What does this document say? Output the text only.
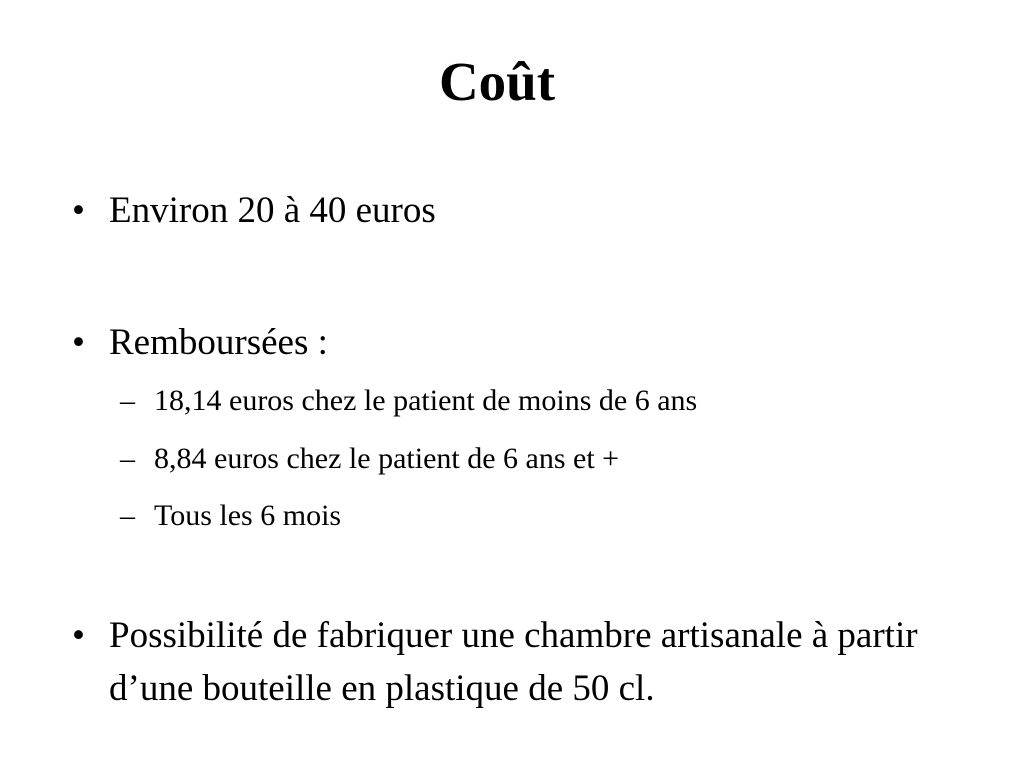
Coût
• Environ 20 à 40 euros
• Remboursées :
– 18,14 euros chez le patient de moins de 6 ans
– 8,84 euros chez le patient de 6 ans et +
– Tous les 6 mois
• Possibilité de fabriquer une chambre artisanale à partir d’une bouteille en plastique de 50 cl.
